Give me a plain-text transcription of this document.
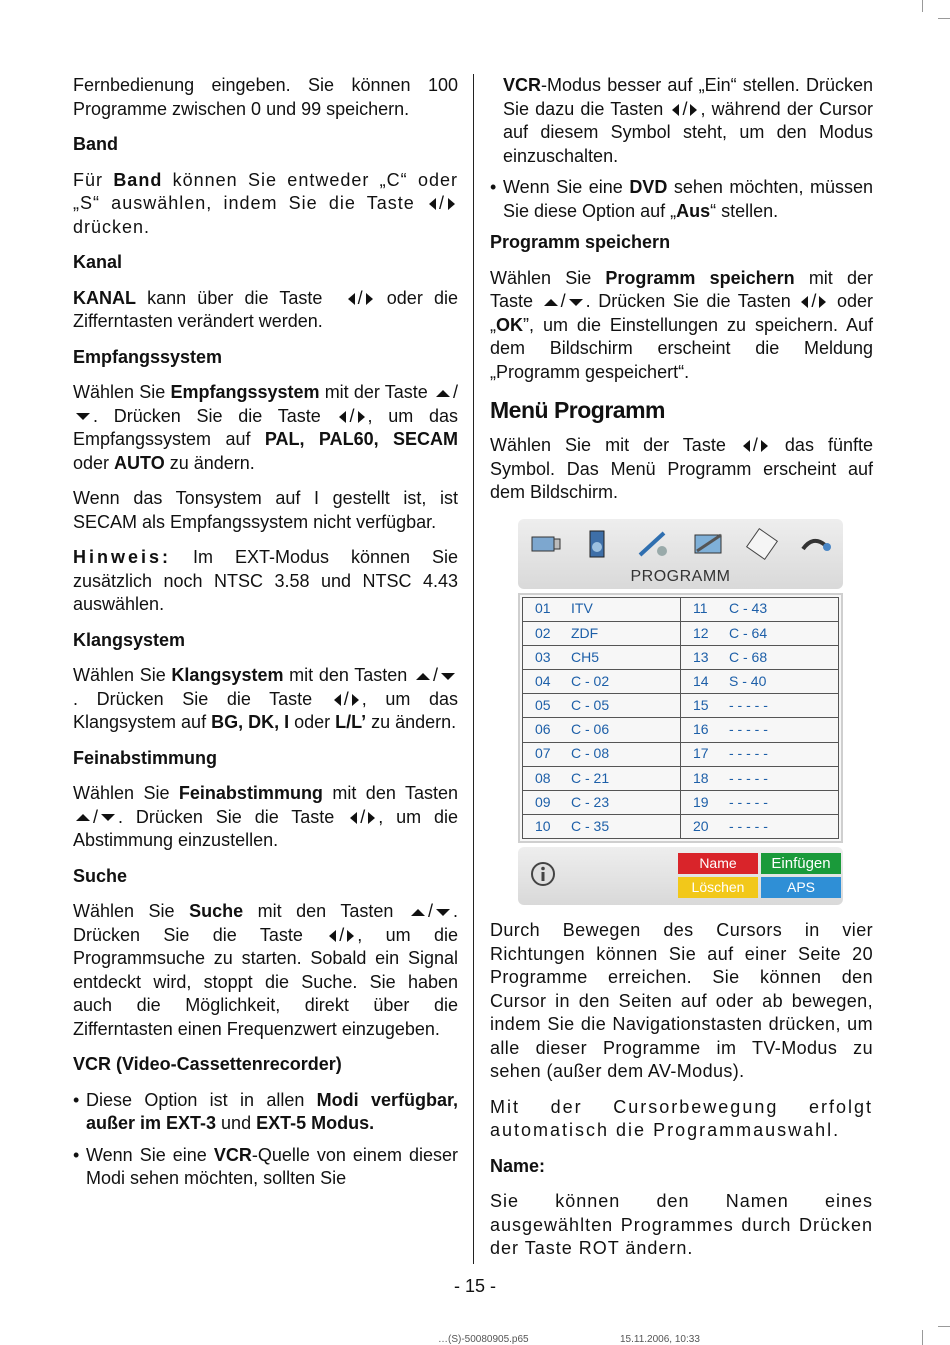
Fernbedienung eingeben. Sie können 100 Programme zwischen 0 und 99 speichern.

Band

Für Band können Sie entweder „C“ oder „S“ auswählen, indem Sie die Taste / drücken.

Kanal

KANAL kann über die Taste / oder die Zifferntasten verändert werden.

Empfangssystem

Wählen Sie Empfangssystem mit der Taste /. Drücken Sie die Taste / , um das Empfangssystem auf PAL, PAL60, SECAM oder AUTO zu ändern.

Wenn das Tonsystem auf I gestellt ist, ist SECAM als Empfangssystem nicht verfügbar.

Hinweis: Im EXT-Modus können Sie zusätzlich noch NTSC 3.58 und NTSC 4.43 auswählen.

Klangsystem

Wählen Sie Klangsystem mit den Tasten /. Drücken Sie die Taste / , um das Klangsystem auf BG, DK, I oder L/L’ zu ändern.

Feinabstimmung

Wählen Sie Feinabstimmung mit den Tasten / . Drücken Sie die Taste / , um die Abstimmung einzustellen.

Suche

Wählen Sie Suche mit den Tasten / . Drücken Sie die Taste / , um die Programmsuche zu starten. Sobald ein Signal entdeckt wird, stoppt die Suche. Sie haben auch die Möglichkeit, direkt über die Zifferntasten einen Frequenzwert einzugeben.

VCR (Video-Cassettenrecorder)
• Diese Option ist in allen Modi verfügbar, außer im EXT-3 und EXT-5 Modus.
• Wenn Sie eine VCR-Quelle von einem dieser Modi sehen möchten, sollten Sie

VCR-Modus besser auf „Ein“ stellen. Drücken Sie dazu die Tasten / , während der Cursor auf diesem Symbol steht, um den Modus einzuschalten.

• Wenn Sie eine DVD sehen möchten, müssen Sie diese Option auf „Aus“ stellen.
Programm speichern

Wählen Sie Programm speichern mit der Taste / . Drücken Sie die Tasten / oder „OK”, um die Einstellungen zu speichern. Auf dem Bildschirm erscheint die Meldung „Programm gespeichert“.

Menü Programm

Wählen Sie mit der Taste / das fünfte Symbol. Das Menü Programm erscheint auf dem Bildschirm.

PROGRAMM
01	ITV
02	ZDF
03	CH5
04	C - 02
05	C - 05
06	C - 06
07	C - 08
08	C - 21
09	C - 23
10	C - 35
11	C - 43
12	C - 64
13	C - 68
14	S - 40
15	- - - - -
16	- - - - -
17	- - - - -
18	- - - - -
19	- - - - -
20	- - - - -
Name	Einfügen
Löschen	APS

Durch Bewegen des Cursors in vier Richtungen können Sie auf einer Seite 20 Programme erreichen. Sie können den Cursor in den Seiten auf oder ab bewegen, indem Sie die Navigationstasten drücken, um alle dieser Programme im TV-Modus zu sehen (außer dem AV-Modus).

Mit der Cursorbewegung erfolgt automatisch die Programmauswahl.

Name:

Sie können den Namen eines ausgewählten Programmes durch Drücken der Taste ROT ändern.

- 15 -
…(S)-50080905.p65	15.11.2006, 10:33
